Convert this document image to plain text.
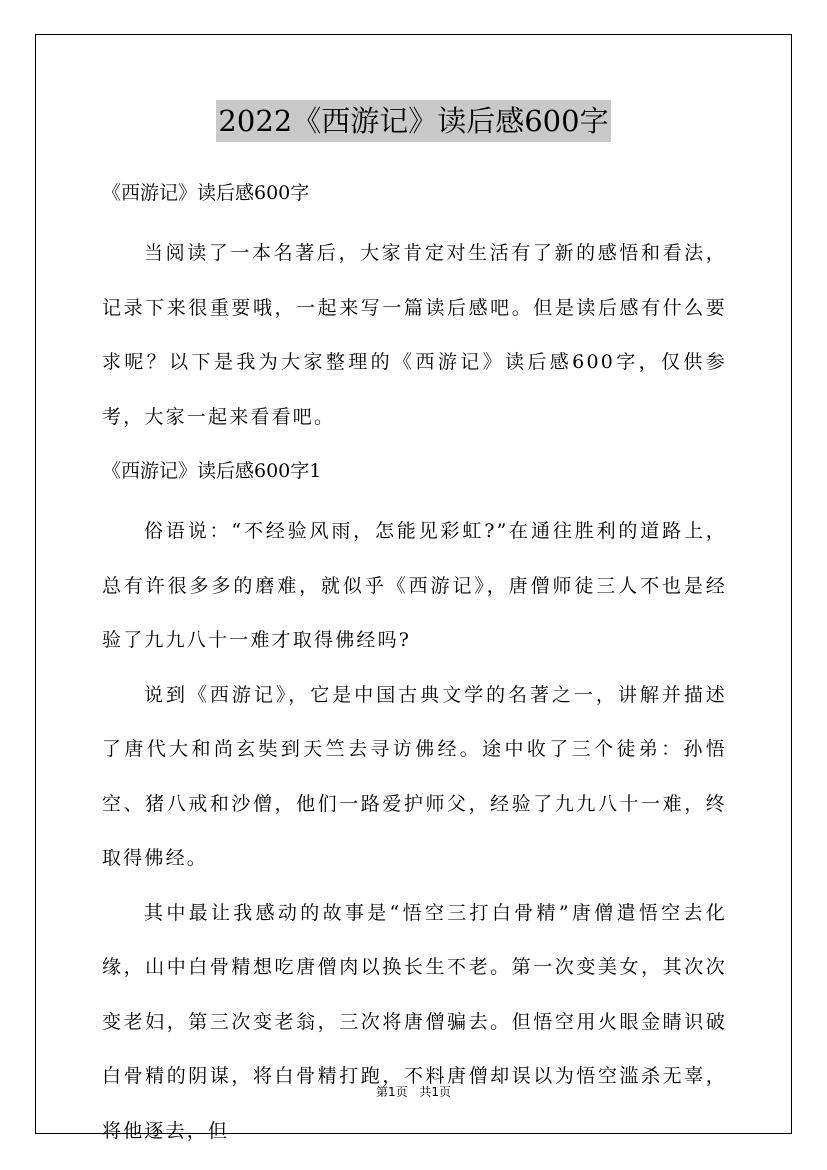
2022《西游记》读后感600字
《西游记》读后感600字

当阅读了一本名著后，大家肯定对生活有了新的感悟和看法，记录下来很重要哦，一起来写一篇读后感吧。但是读后感有什么要求呢？以下是我为大家整理的《西游记》读后感600字，仅供参考，大家一起来看看吧。

《西游记》读后感600字1

俗语说：“不经验风雨，怎能见彩虹?”在通往胜利的道路上，总有许很多多的磨难，就似乎《西游记》，唐僧师徒三人不也是经验了九九八十一难才取得佛经吗?

说到《西游记》，它是中国古典文学的名著之一，讲解并描述了唐代大和尚玄奘到天竺去寻访佛经。途中收了三个徒弟：孙悟空、猪八戒和沙僧，他们一路爱护师父，经验了九九八十一难，终取得佛经。

其中最让我感动的故事是“悟空三打白骨精”唐僧遣悟空去化缘，山中白骨精想吃唐僧肉以换长生不老。第一次变美女，其次次变老妇，第三次变老翁，三次将唐僧骗去。但悟空用火眼金睛识破白骨精的阴谋，将白骨精打跑，不料唐僧却误以为悟空滥杀无辜，将他逐去，但

第1页 共1页
